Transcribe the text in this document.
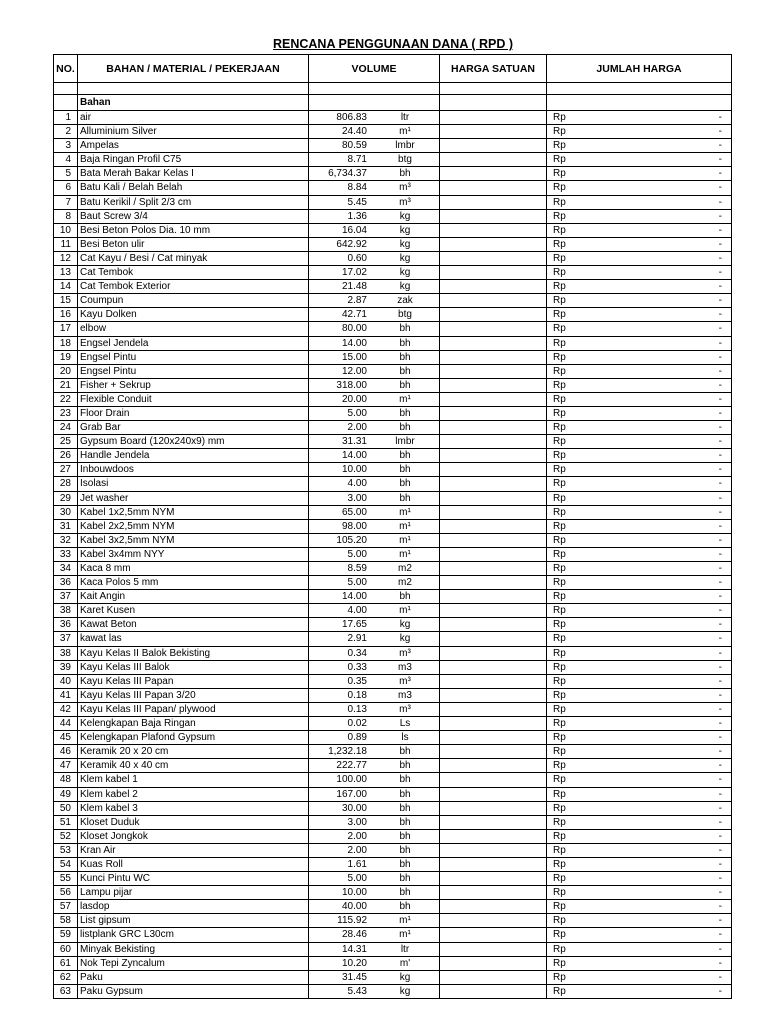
RENCANA PENGGUNAAN DANA ( RPD )
NO.	BAHAN / MATERIAL / PEKERJAAN	VOLUME	HARGA SATUAN	JUMLAH HARGA

	Bahan			
1	air	806.83 ltr		Rp -

2	Alluminium Silver	24.40 m¹		Rp -

3	Ampelas	80.59 lmbr		Rp -

4	Baja Ringan Profil C75	8.71 btg		Rp -

5	Bata Merah Bakar Kelas I	6,734.37 bh		Rp -

6	Batu Kali / Belah Belah	8.84 m³		Rp -

7	Batu Kerikil / Split 2/3 cm	5.45 m³		Rp -

8	Baut Screw 3/4	1.36 kg		Rp -

10	Besi Beton Polos Dia. 10 mm	16.04 kg		Rp -

11	Besi Beton ulir	642.92 kg		Rp -

12	Cat Kayu / Besi / Cat minyak	0.60 kg		Rp -

13	Cat Tembok	17.02 kg		Rp -

14	Cat Tembok Exterior	21.48 kg		Rp -

15	Coumpun	2.87 zak		Rp -

16	Kayu Dolken	42.71 btg		Rp -

17	elbow	80.00 bh		Rp -

18	Engsel Jendela	14.00 bh		Rp -

19	Engsel Pintu	15.00 bh		Rp -

20	Engsel Pintu	12.00 bh		Rp -

21	Fisher + Sekrup	318.00 bh		Rp -

22	Flexible Conduit	20.00 m¹		Rp -

23	Floor Drain	5.00 bh		Rp -

24	Grab Bar	2.00 bh		Rp -

25	Gypsum Board (120x240x9) mm	31.31 lmbr		Rp -

26	Handle Jendela	14.00 bh		Rp -

27	Inbouwdoos	10.00 bh		Rp -

28	Isolasi	4.00 bh		Rp -

29	Jet washer	3.00 bh		Rp -

30	Kabel 1x2,5mm NYM	65.00 m¹		Rp -

31	Kabel 2x2,5mm NYM	98.00 m¹		Rp -

32	Kabel 3x2,5mm NYM	105.20 m¹		Rp -

33	Kabel 3x4mm NYY	5.00 m¹		Rp -

34	Kaca 8 mm	8.59 m2		Rp -

36	Kaca Polos 5 mm	5.00 m2		Rp -

37	Kait Angin	14.00 bh		Rp -

38	Karet Kusen	4.00 m¹		Rp -

36	Kawat Beton	17.65 kg		Rp -

37	kawat las	2.91 kg		Rp -

38	Kayu Kelas II Balok Bekisting	0.34 m³		Rp -

39	Kayu Kelas III Balok	0.33 m3		Rp -

40	Kayu Kelas III Papan	0.35 m³		Rp -

41	Kayu Kelas III Papan 3/20	0.18 m3		Rp -

42	Kayu Kelas III Papan/ plywood	0.13 m³		Rp -

44	Kelengkapan Baja Ringan	0.02 Ls		Rp -

45	Kelengkapan Plafond Gypsum	0.89 ls		Rp -

46	Keramik 20 x 20 cm	1,232.18 bh		Rp -

47	Keramik 40 x 40 cm	222.77 bh		Rp -

48	Klem kabel 1	100.00 bh		Rp -

49	Klem kabel 2	167.00 bh		Rp -

50	Klem kabel 3	30.00 bh		Rp -

51	Kloset Duduk	3.00 bh		Rp -

52	Kloset Jongkok	2.00 bh		Rp -

53	Kran Air	2.00 bh		Rp -

54	Kuas Roll	1.61 bh		Rp -

55	Kunci Pintu WC	5.00 bh		Rp -

56	Lampu pijar	10.00 bh		Rp -

57	lasdop	40.00 bh		Rp -

58	List gipsum	115.92 m¹		Rp -

59	listplank GRC L30cm	28.46 m¹		Rp -

60	Minyak Bekisting	14.31 ltr		Rp -

61	Nok Tepi Zyncalum	10.20 m'		Rp -

62	Paku	31.45 kg		Rp -

63	Paku Gypsum	5.43 kg		Rp -
